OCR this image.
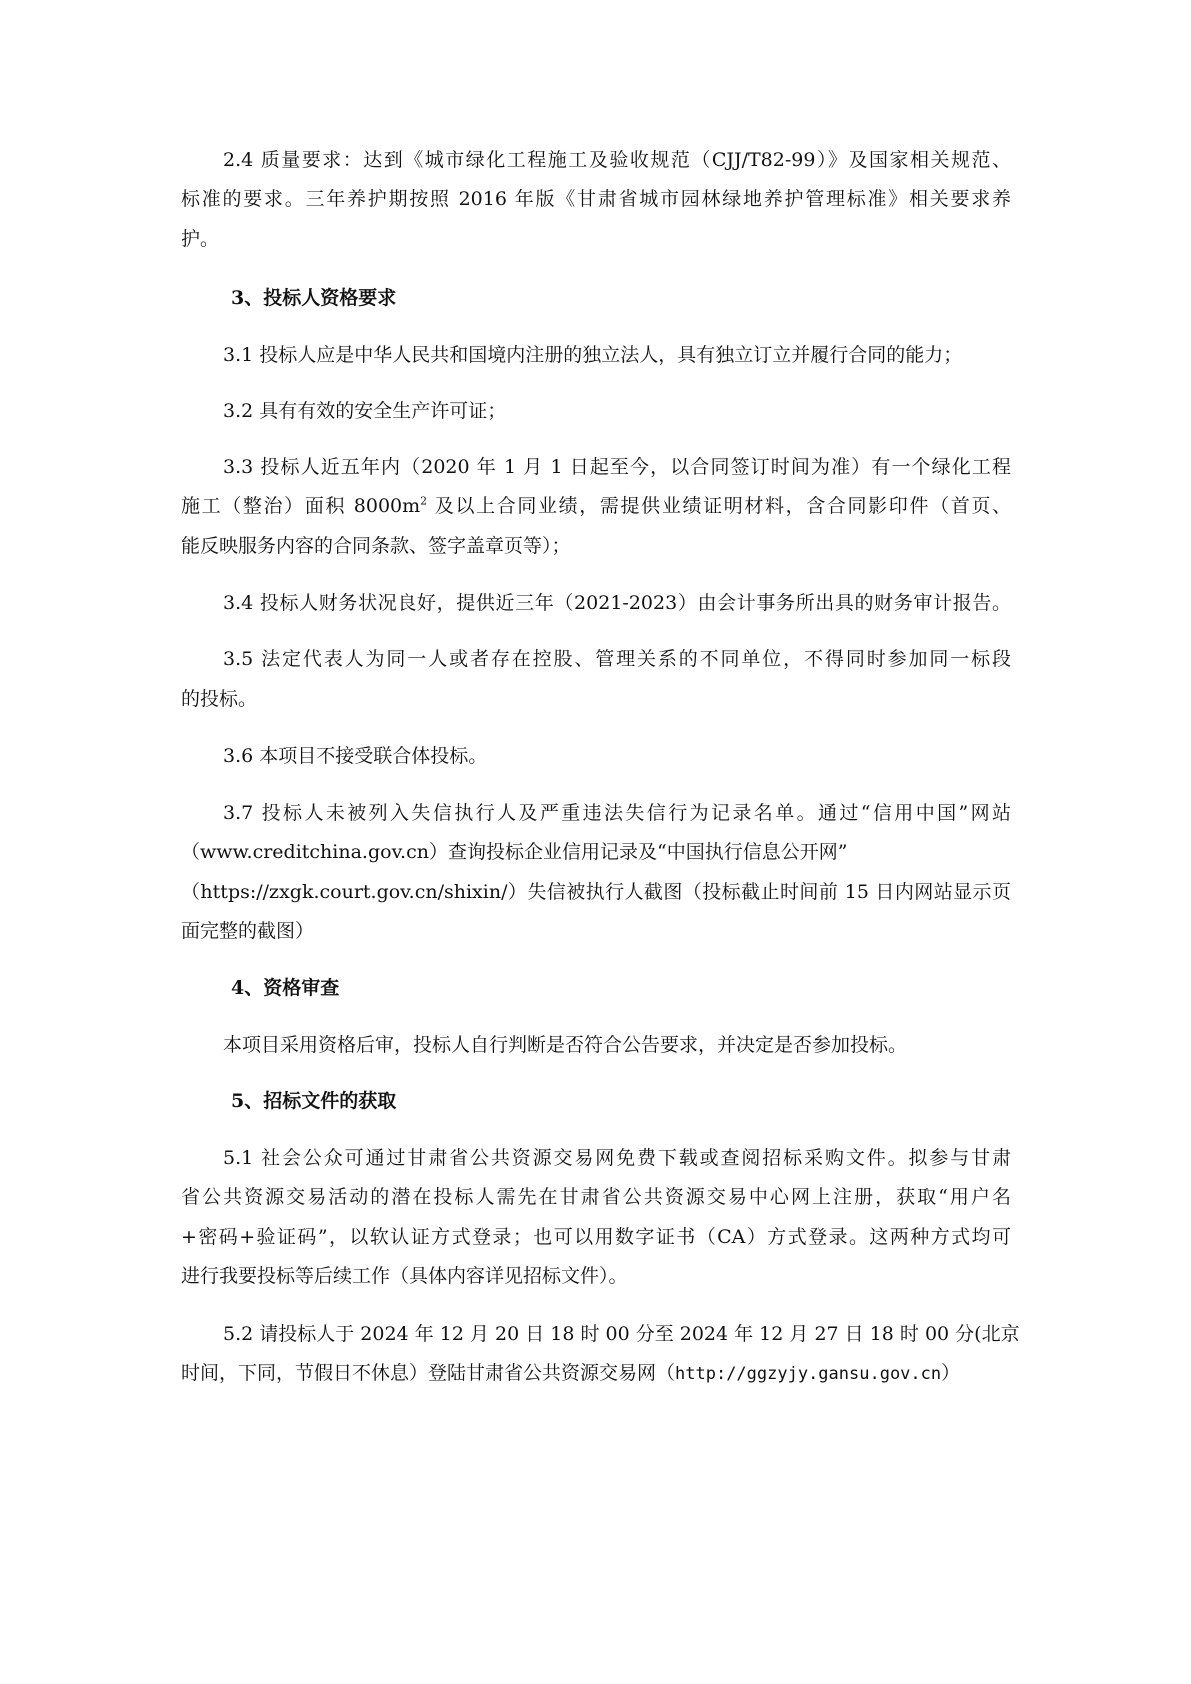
2.4 质量要求：达到《城市绿化工程施工及验收规范（CJJ/T82-99）》及国家相关规范、
标准的要求。三年养护期按照 2016 年版《甘肃省城市园林绿地养护管理标准》相关要求养
护。
3、投标人资格要求
3.1 投标人应是中华人民共和国境内注册的独立法人，具有独立订立并履行合同的能力；
3.2 具有有效的安全生产许可证；
3.3 投标人近五年内（2020 年 1 月 1 日起至今，以合同签订时间为准）有一个绿化工程
施工（整治）面积 $8000m^2$ 及以上合同业绩，需提供业绩证明材料，含合同影印件（首页、
能反映服务内容的合同条款、签字盖章页等）；
3.4 投标人财务状况良好，提供近三年（2021-2023）由会计事务所出具的财务审计报告。
3.5 法定代表人为同一人或者存在控股、管理关系的不同单位，不得同时参加同一标段
的投标。
3.6 本项目不接受联合体投标。
3.7 投标人未被列入失信执行人及严重违法失信行为记录名单。通过“信用中国”网站
（www.creditchina.gov.cn）查询投标企业信用记录及“中国执行信息公开网”
（https://zxgk.court.gov.cn/shixin/）失信被执行人截图（投标截止时间前 15 日内网站显示页
面完整的截图）
4、资格审查
本项目采用资格后审，投标人自行判断是否符合公告要求，并决定是否参加投标。
5、招标文件的获取
5.1 社会公众可通过甘肃省公共资源交易网免费下载或查阅招标采购文件。拟参与甘肃
省公共资源交易活动的潜在投标人需先在甘肃省公共资源交易中心网上注册，获取“用户名
+密码+验证码”，以软认证方式登录；也可以用数字证书（CA）方式登录。这两种方式均可
进行我要投标等后续工作（具体内容详见招标文件）。
5.2 请投标人于 2024 年 12 月 20 日 18 时 00 分至 2024 年 12 月 27 日 18 时 00 分(北京
时间，下同，节假日不休息）登陆甘肃省公共资源交易网（http://ggzyjy.gansu.gov.cn）
